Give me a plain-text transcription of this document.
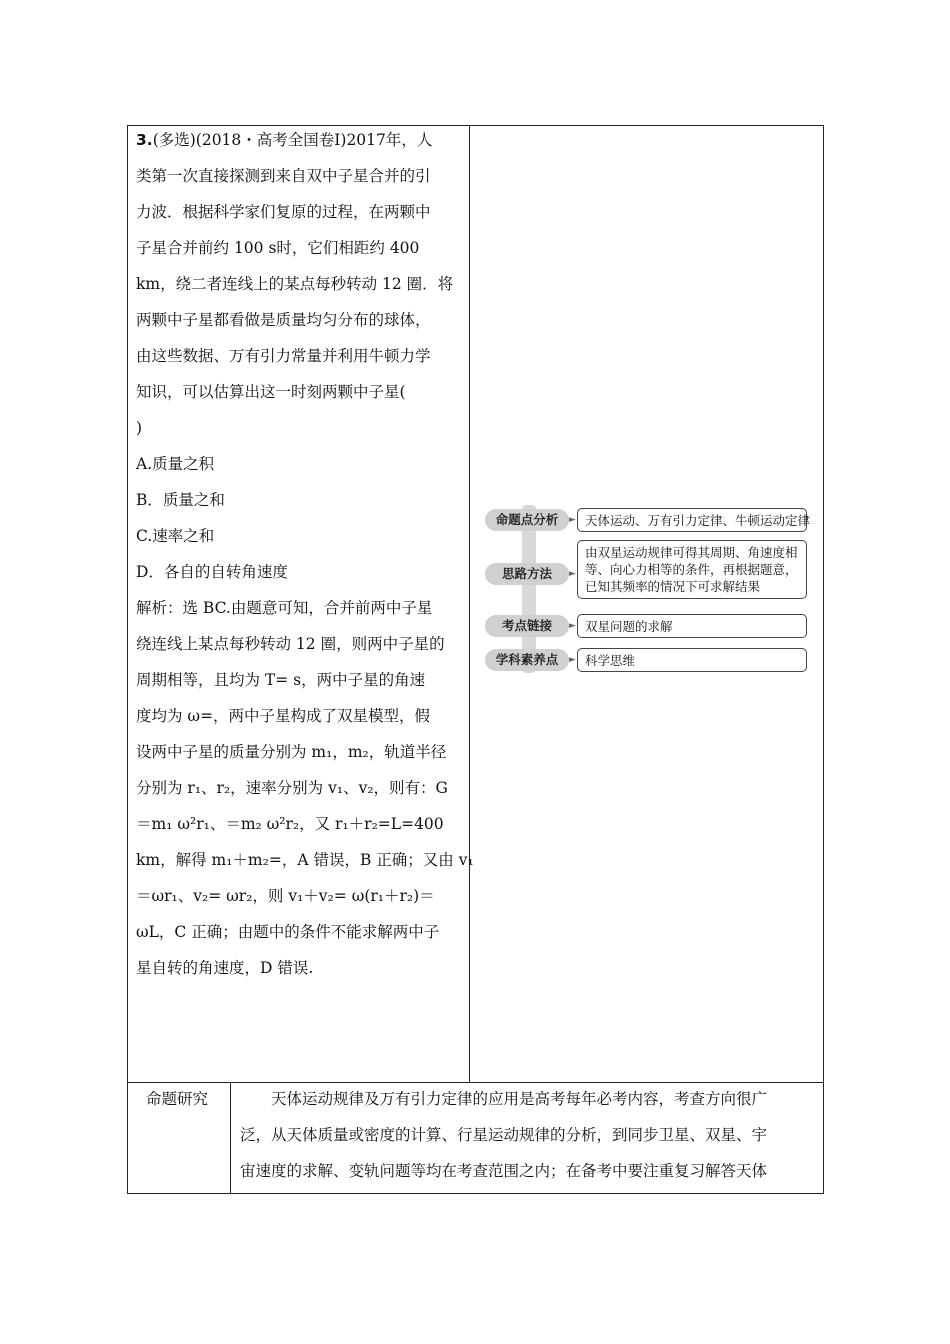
3.(多选)(2018・高考全国卷Ⅰ)2017年，人

类第一次直接探测到来自双中子星合并的引

力波．根据科学家们复原的过程，在两颗中

子星合并前约 100 s时，它们相距约 400

km，绕二者连线上的某点每秒转动 12 圈．将

两颗中子星都看做是质量均匀分布的球体，

由这些数据、万有引力常量并利用牛顿力学

知识，可以估算出这一时刻两颗中子星(

)

A.质量之积

B．质量之和

C.速率之和

D．各自的自转角速度

解析：选 BC.由题意可知，合并前两中子星

绕连线上某点每秒转动 12 圈，则两中子星的

周期相等，且均为 T= s，两中子星的角速

度均为 ω=，两中子星构成了双星模型，假

设两中子星的质量分别为 m₁，m₂，轨道半径

分别为 r₁、r₂，速率分别为 v₁、v₂，则有：G

＝m₁ ω²r₁、＝m₂ ω²r₂，又 r₁＋r₂=L=400

km，解得 m₁＋m₂=，A 错误，B 正确；又由 v₁

＝ωr₁、v₂= ωr₂，则 v₁＋v₂= ω(r₁＋r₂)＝

ωL，C 正确；由题中的条件不能求解两中子

星自转的角速度，D 错误.

命题点分析	► 天体运动、万有引力定律、牛顿运动定律

思路方法	►

由双星运动规律可得其周期、角速度相

等、向心力相等的条件，再根据题意，

已知其频率的情况下可求解结果

考点链接	► 双星问题的求解

学科素养点	► 科学思维

命题研究 　　天体运动规律及万有引力定律的应用是高考每年必考内容，考查方向很广

泛，从天体质量或密度的计算、行星运动规律的分析，到同步卫星、双星、宇

宙速度的求解、变轨问题等均在考查范围之内；在备考中要注重复习解答天体
